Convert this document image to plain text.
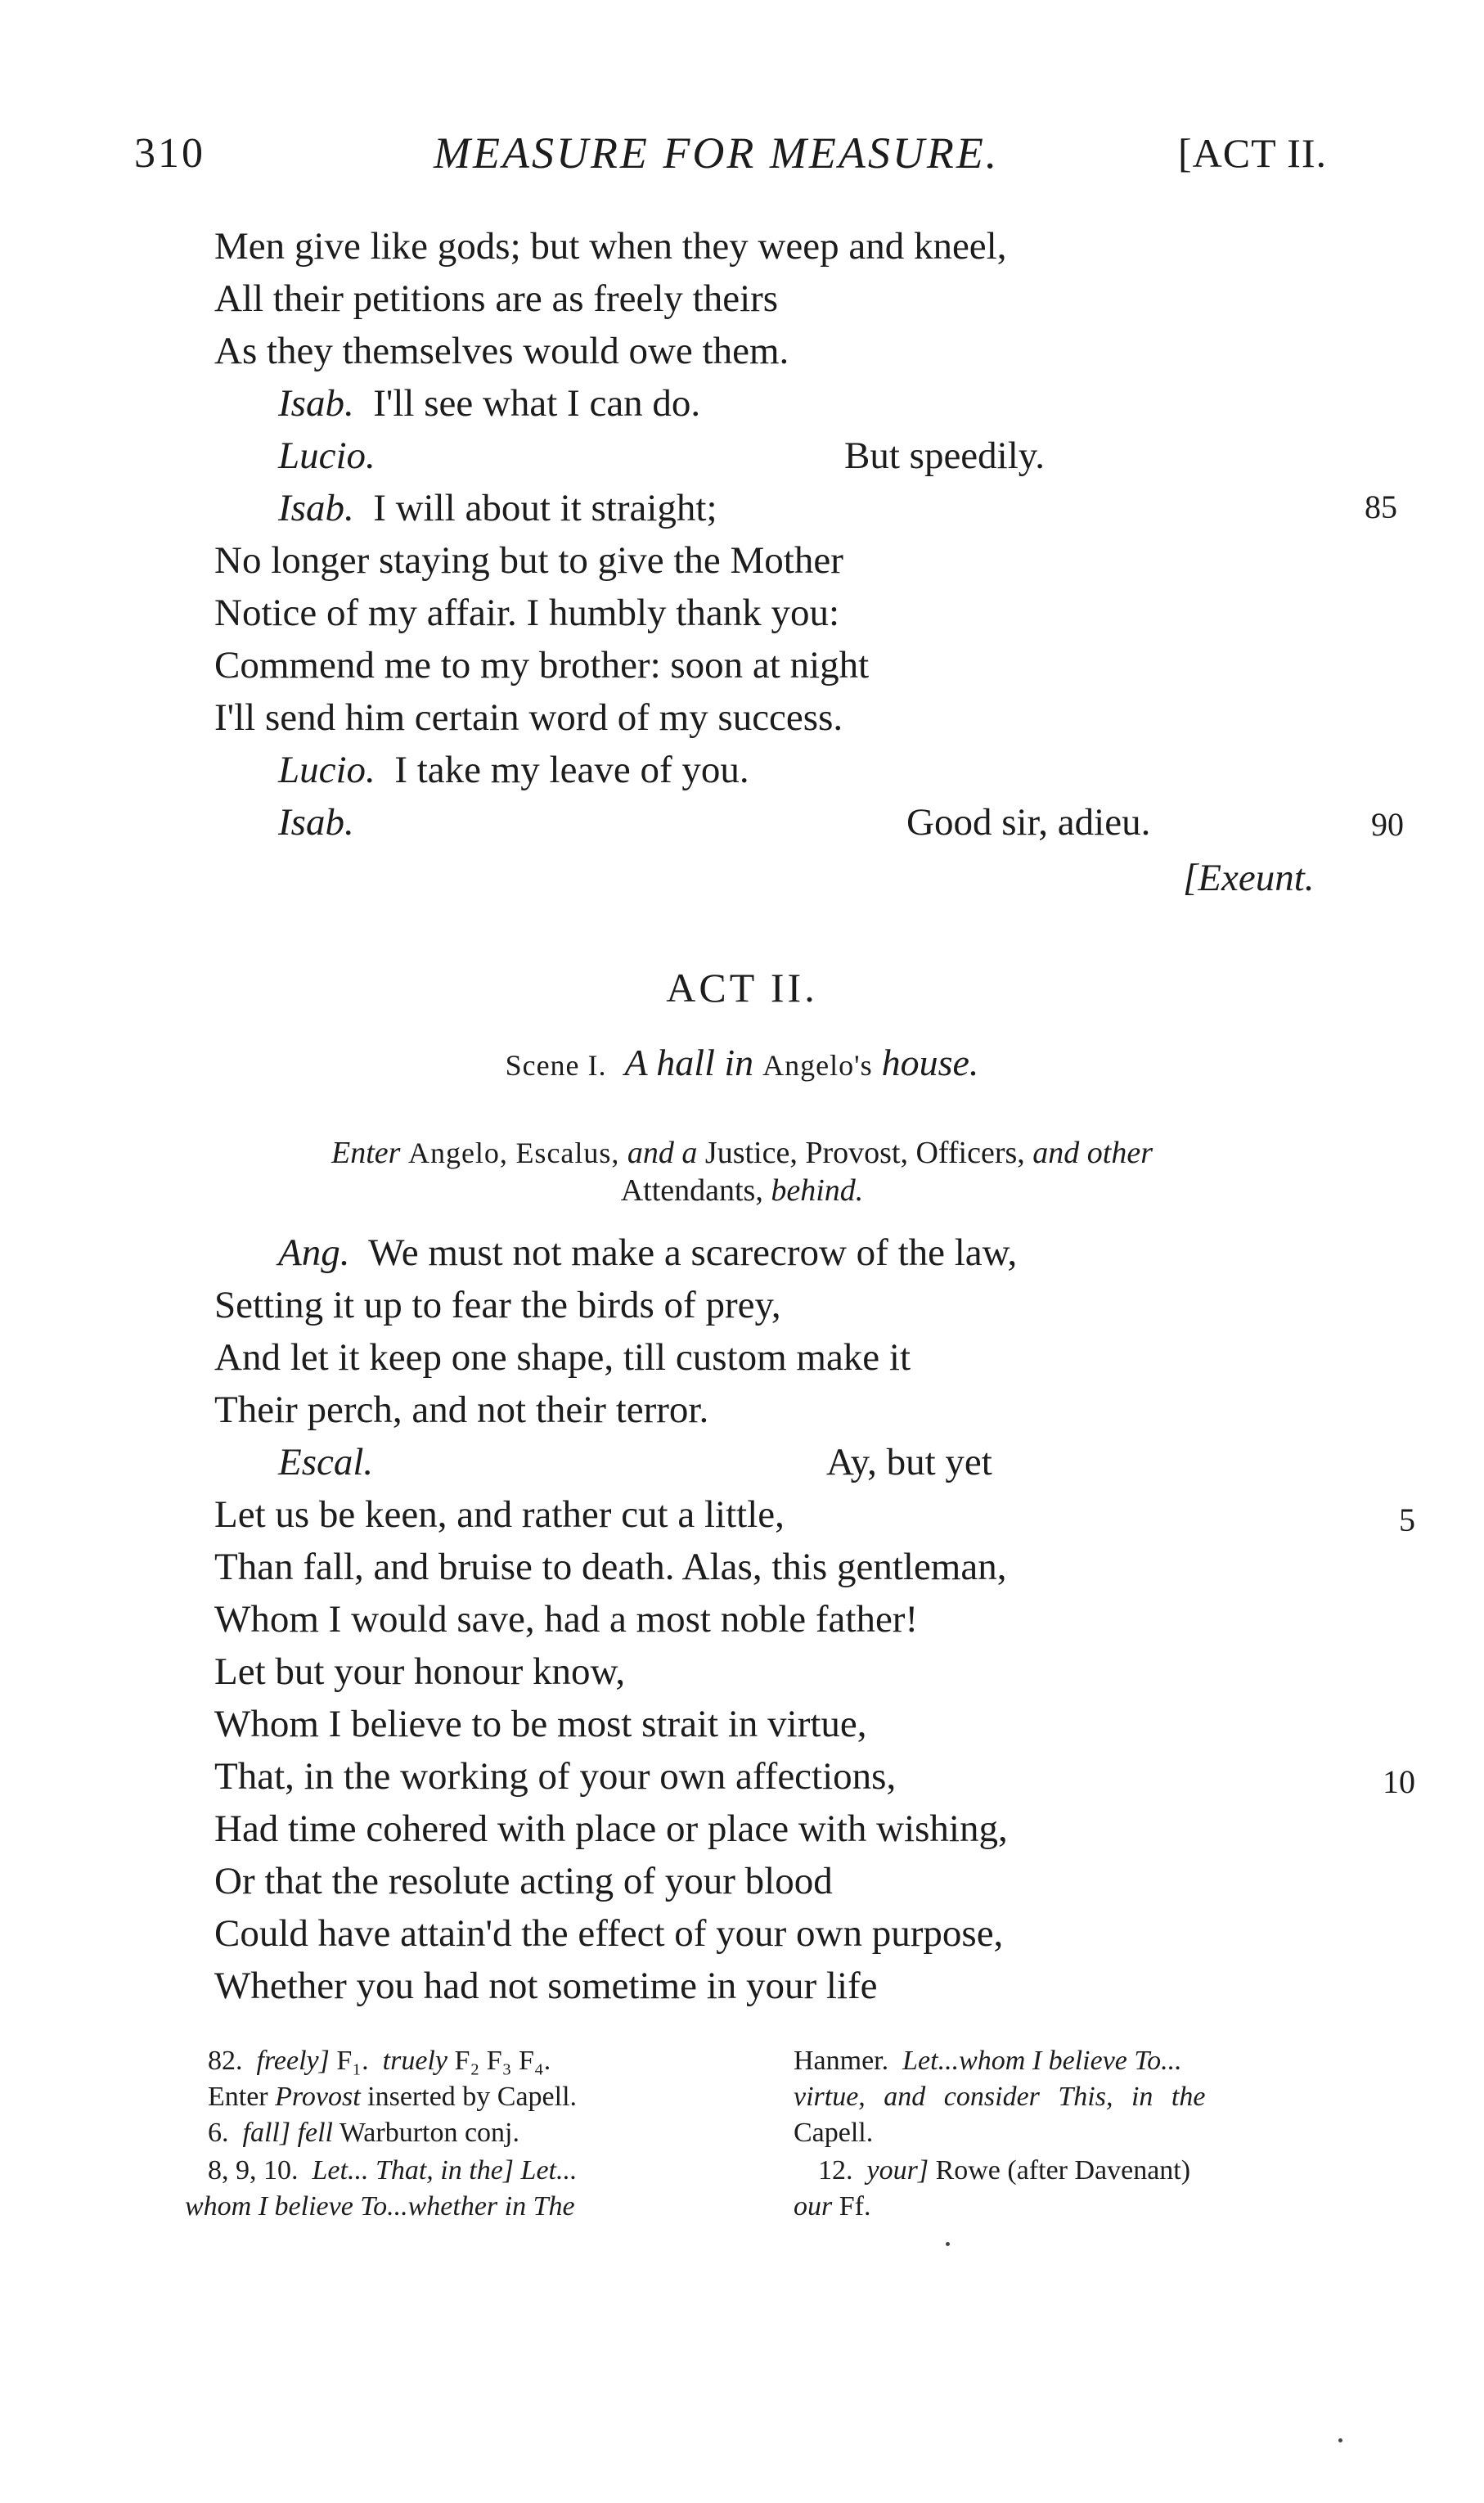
310	MEASURE FOR MEASURE.	[ACT II.
Men give like gods; but when they weep and kneel,
All their petitions are as freely theirs
As they themselves would owe them.
Isab. I'll see what I can do.
Lucio.	But speedily.
Isab. I will about it straight;	85
No longer staying but to give the Mother
Notice of my affair. I humbly thank you:
Commend me to my brother: soon at night
I'll send him certain word of my success.
Lucio. I take my leave of you.
Isab.	Good sir, adieu.	90
[Exeunt.
ACT II.
Scene I. A hall in Angelo's house.
Enter Angelo, Escalus, and a Justice, Provost, Officers, and other
Attendants, behind.
Ang. We must not make a scarecrow of the law,
Setting it up to fear the birds of prey,
And let it keep one shape, till custom make it
Their perch, and not their terror.
Escal.	Ay, but yet
Let us be keen, and rather cut a little,	5
Than fall, and bruise to death. Alas, this gentleman,
Whom I would save, had a most noble father!
Let but your honour know,
Whom I believe to be most strait in virtue,
That, in the working of your own affections,	10
Had time cohered with place or place with wishing,
Or that the resolute acting of your blood
Could have attain'd the effect of your own purpose,
Whether you had not sometime in your life
82. freely] F₁. truely F₂ F₃ F₄.
Enter Provost inserted by Capell.
6. fall] fell Warburton conj.
8, 9, 10. Let... That, in the] Let...
whom I believe To...whether in The
Hanmer. Let...whom I believe To...
virtue, and consider This, in the
Capell.
12. your] Rowe (after Davenant)
our Ff.
